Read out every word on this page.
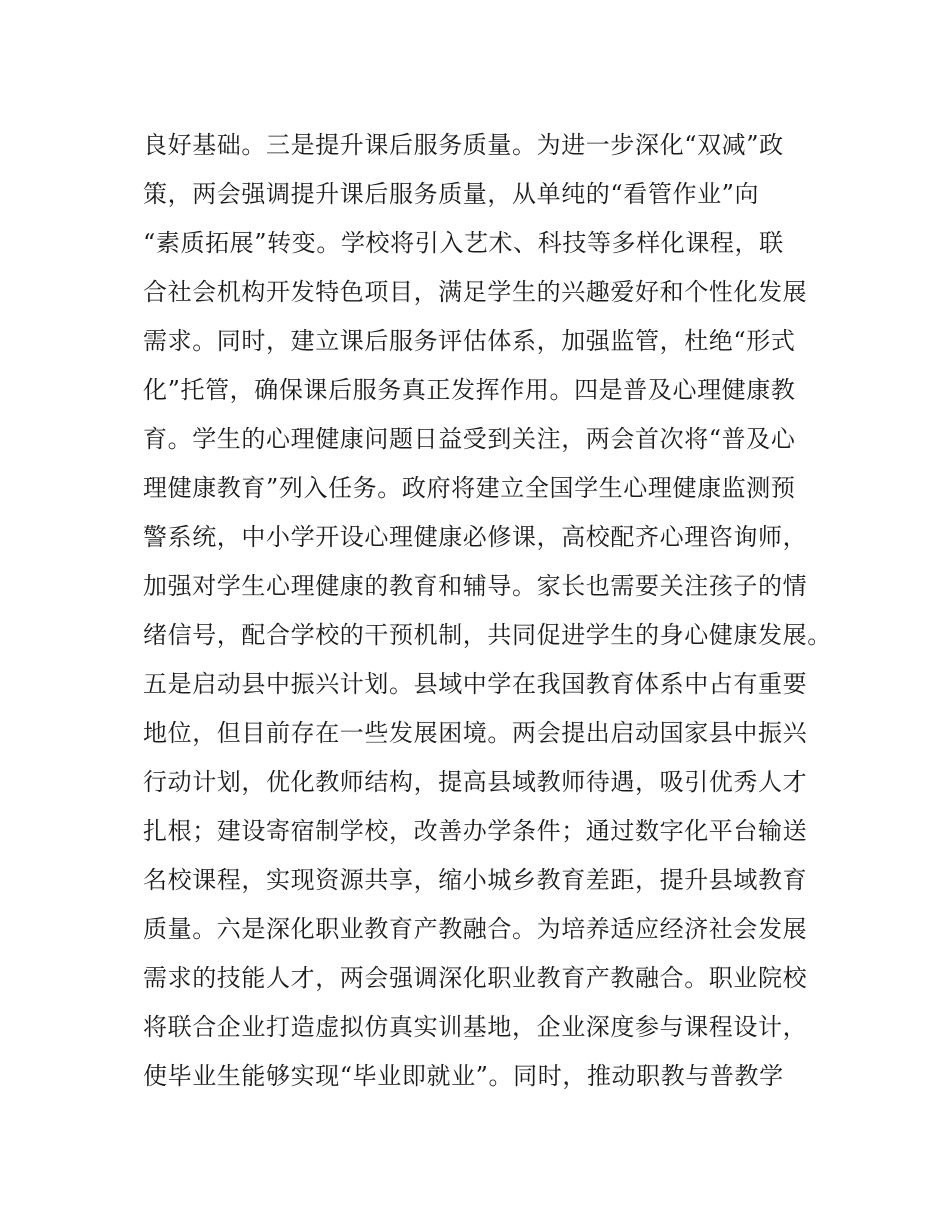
良好基础。三是提升课后服务质量。为进一步深化“双减”政
策，两会强调提升课后服务质量，从单纯的“看管作业”向
“素质拓展”转变。学校将引入艺术、科技等多样化课程，联
合社会机构开发特色项目，满足学生的兴趣爱好和个性化发展
需求。同时，建立课后服务评估体系，加强监管，杜绝“形式
化”托管，确保课后服务真正发挥作用。四是普及心理健康教
育。学生的心理健康问题日益受到关注，两会首次将“普及心
理健康教育”列入任务。政府将建立全国学生心理健康监测预
警系统，中小学开设心理健康必修课，高校配齐心理咨询师，
加强对学生心理健康的教育和辅导。家长也需要关注孩子的情
绪信号，配合学校的干预机制，共同促进学生的身心健康发展。
五是启动县中振兴计划。县域中学在我国教育体系中占有重要
地位，但目前存在一些发展困境。两会提出启动国家县中振兴
行动计划，优化教师结构，提高县域教师待遇，吸引优秀人才
扎根；建设寄宿制学校，改善办学条件；通过数字化平台输送
名校课程，实现资源共享，缩小城乡教育差距，提升县域教育
质量。六是深化职业教育产教融合。为培养适应经济社会发展
需求的技能人才，两会强调深化职业教育产教融合。职业院校
将联合企业打造虚拟仿真实训基地，企业深度参与课程设计，
使毕业生能够实现“毕业即就业”。同时，推动职教与普教学
